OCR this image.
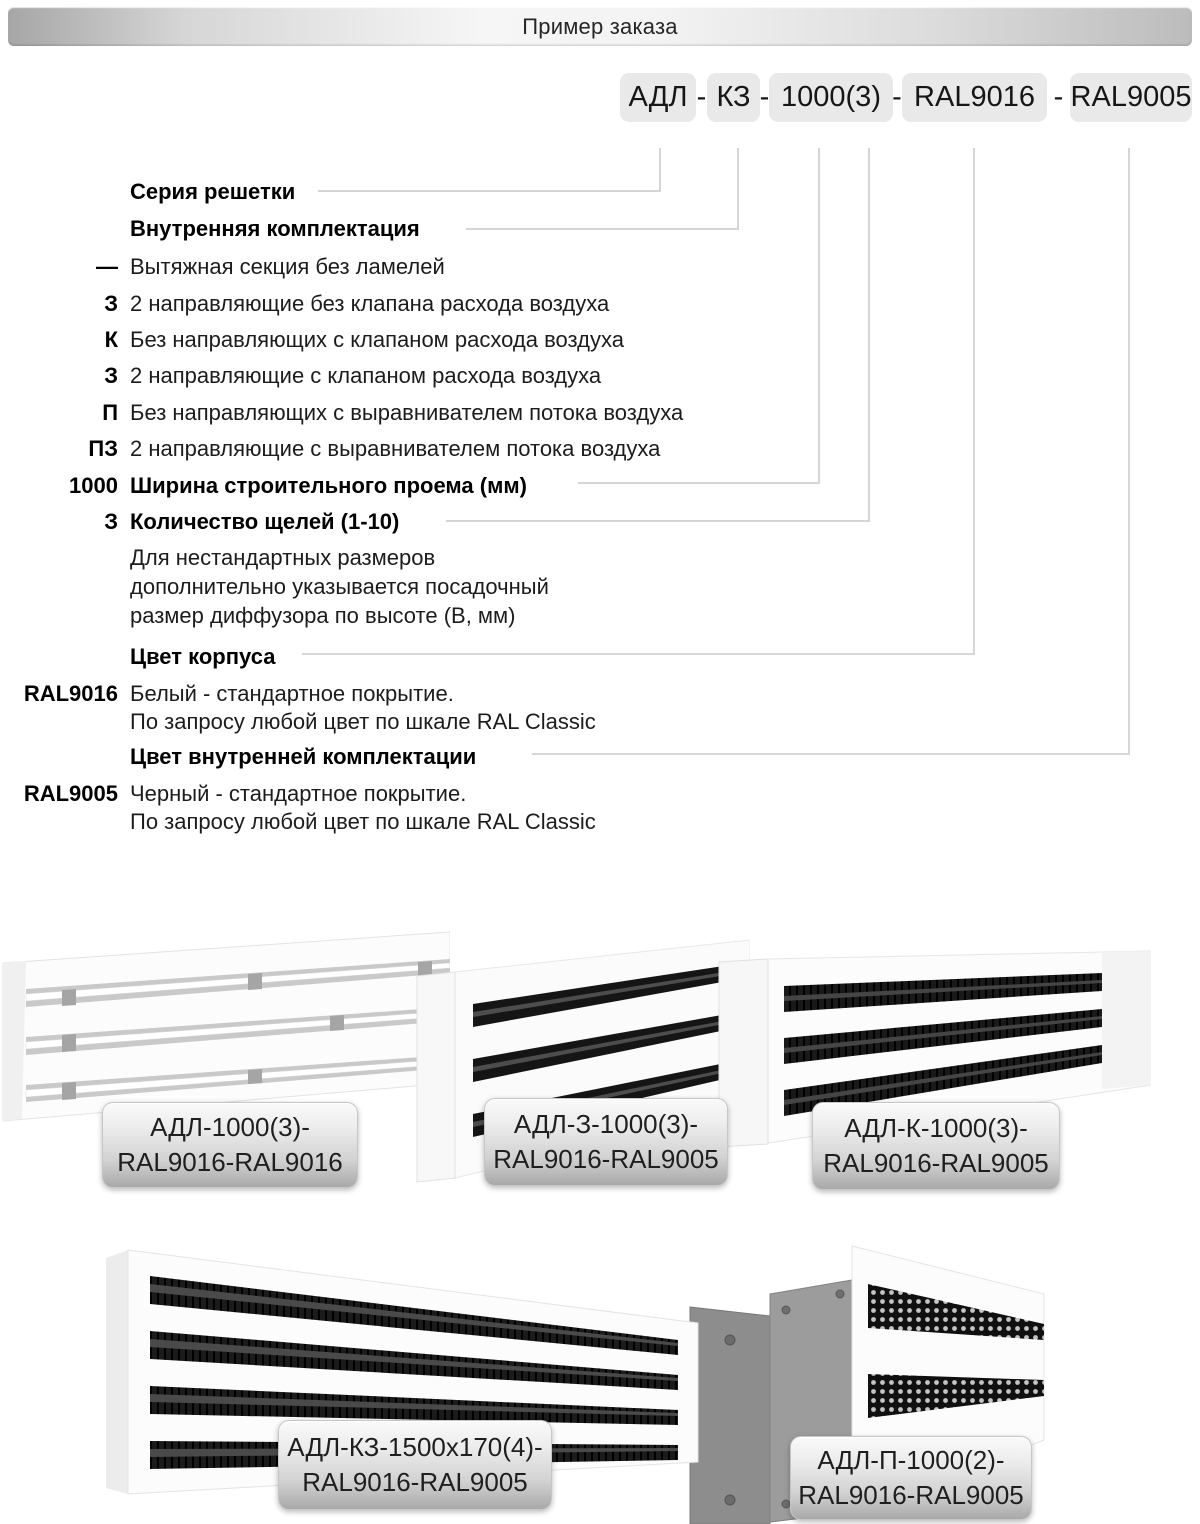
Пример заказа
АДЛ - КЗ - 1000(3) - RAL9016 - RAL9005
Серия решетки
Внутренняя комплектация
— Вытяжная секция без ламелей
З 2 направляющие без клапана расхода воздуха
К Без направляющих с клапаном расхода воздуха
З 2 направляющие с клапаном расхода воздуха
П Без направляющих с выравнивателем потока воздуха
ПЗ 2 направляющие с выравнивателем потока воздуха
1000 Ширина строительного проема (мм)
З Количество щелей (1-10)
Для нестандартных размеров
дополнительно указывается посадочный
размер диффузора по высоте (В, мм)
Цвет корпуса
RAL9016 Белый - стандартное покрытие.
По запросу любой цвет по шкале RAL Classic
Цвет внутренней комплектации
RAL9005 Черный - стандартное покрытие.
По запросу любой цвет по шкале RAL Classic
АДЛ-1000(3)-
RAL9016-RAL9016
АДЛ-З-1000(3)-
RAL9016-RAL9005
АДЛ-К-1000(3)-
RAL9016-RAL9005
АДЛ-КЗ-1500х170(4)-
RAL9016-RAL9005
АДЛ-П-1000(2)-
RAL9016-RAL9005
